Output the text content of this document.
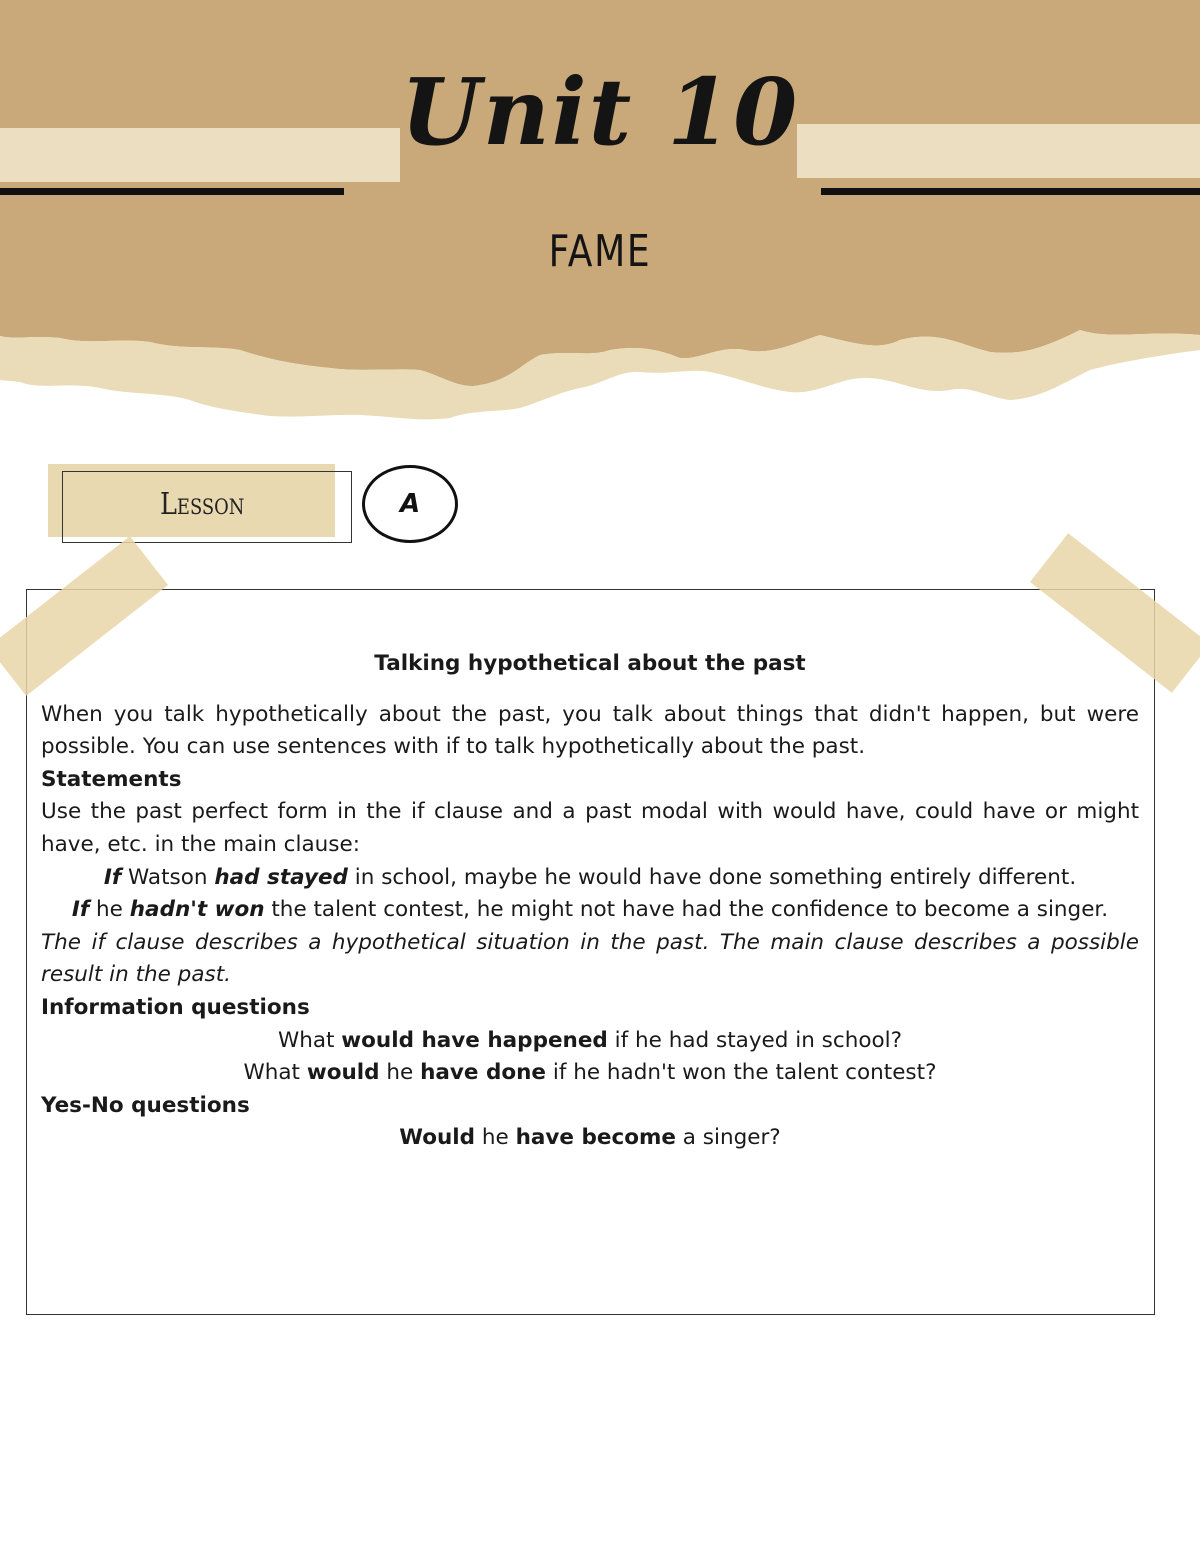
Unit 10
FAME
Lesson	A

Talking hypothetical about the past

When you talk hypothetically about the past, you talk about things that didn't happen, but were possible. You can use sentences with if to talk hypothetically about the past.

Statements

Use the past perfect form in the if clause and a past modal with would have, could have or might have, etc. in the main clause:

If Watson had stayed in school, maybe he would have done something entirely different.

If he hadn't won the talent contest, he might not have had the confidence to become a singer.

The if clause describes a hypothetical situation in the past. The main clause describes a possible result in the past.

Information questions

What would have happened if he had stayed in school?

What would he have done if he hadn't won the talent contest?

Yes-No questions

Would he have become a singer?
